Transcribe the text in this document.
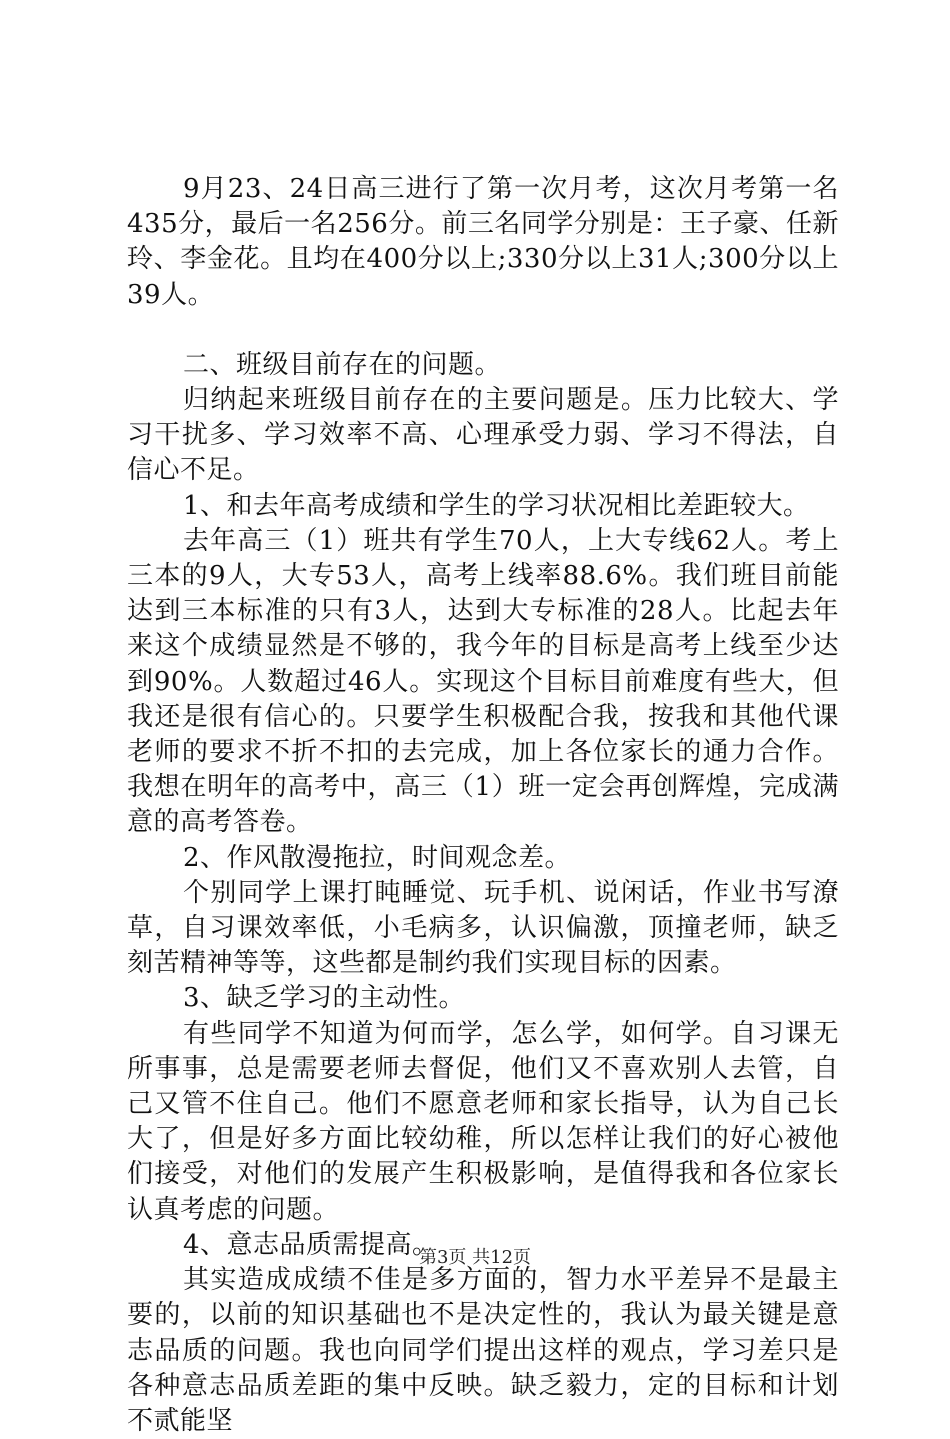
9月23、24日高三进行了第一次月考，这次月考第一名435分，最后一名256分。前三名同学分别是：王子豪、任新玲、李金花。且均在400分以上;330分以上31人;300分以上39人。

二、班级目前存在的问题。

归纳起来班级目前存在的主要问题是。压力比较大、学习干扰多、学习效率不高、心理承受力弱、学习不得法，自信心不足。

1、和去年高考成绩和学生的学习状况相比差距较大。

去年高三（1）班共有学生70人，上大专线62人。考上三本的9人，大专53人，高考上线率88.6%。我们班目前能达到三本标准的只有3人，达到大专标准的28人。比起去年来这个成绩显然是不够的，我今年的目标是高考上线至少达到90%。人数超过46人。实现这个目标目前难度有些大，但我还是很有信心的。只要学生积极配合我，按我和其他代课老师的要求不折不扣的去完成，加上各位家长的通力合作。我想在明年的高考中，高三（1）班一定会再创辉煌，完成满意的高考答卷。

2、作风散漫拖拉，时间观念差。

个别同学上课打盹睡觉、玩手机、说闲话，作业书写潦草，自习课效率低，小毛病多，认识偏激，顶撞老师，缺乏刻苦精神等等，这些都是制约我们实现目标的因素。

3、缺乏学习的主动性。

有些同学不知道为何而学，怎么学，如何学。自习课无所事事，总是需要老师去督促，他们又不喜欢别人去管，自己又管不住自己。他们不愿意老师和家长指导，认为自己长大了，但是好多方面比较幼稚，所以怎样让我们的好心被他们接受，对他们的发展产生积极影响，是值得我和各位家长认真考虑的问题。

4、意志品质需提高。

其实造成成绩不佳是多方面的，智力水平差异不是最主要的，以前的知识基础也不是决定性的，我认为最关键是意志品质的问题。我也向同学们提出这样的观点，学习差只是各种意志品质差距的集中反映。缺乏毅力，定的目标和计划不贰能坚

第3页 共12页
